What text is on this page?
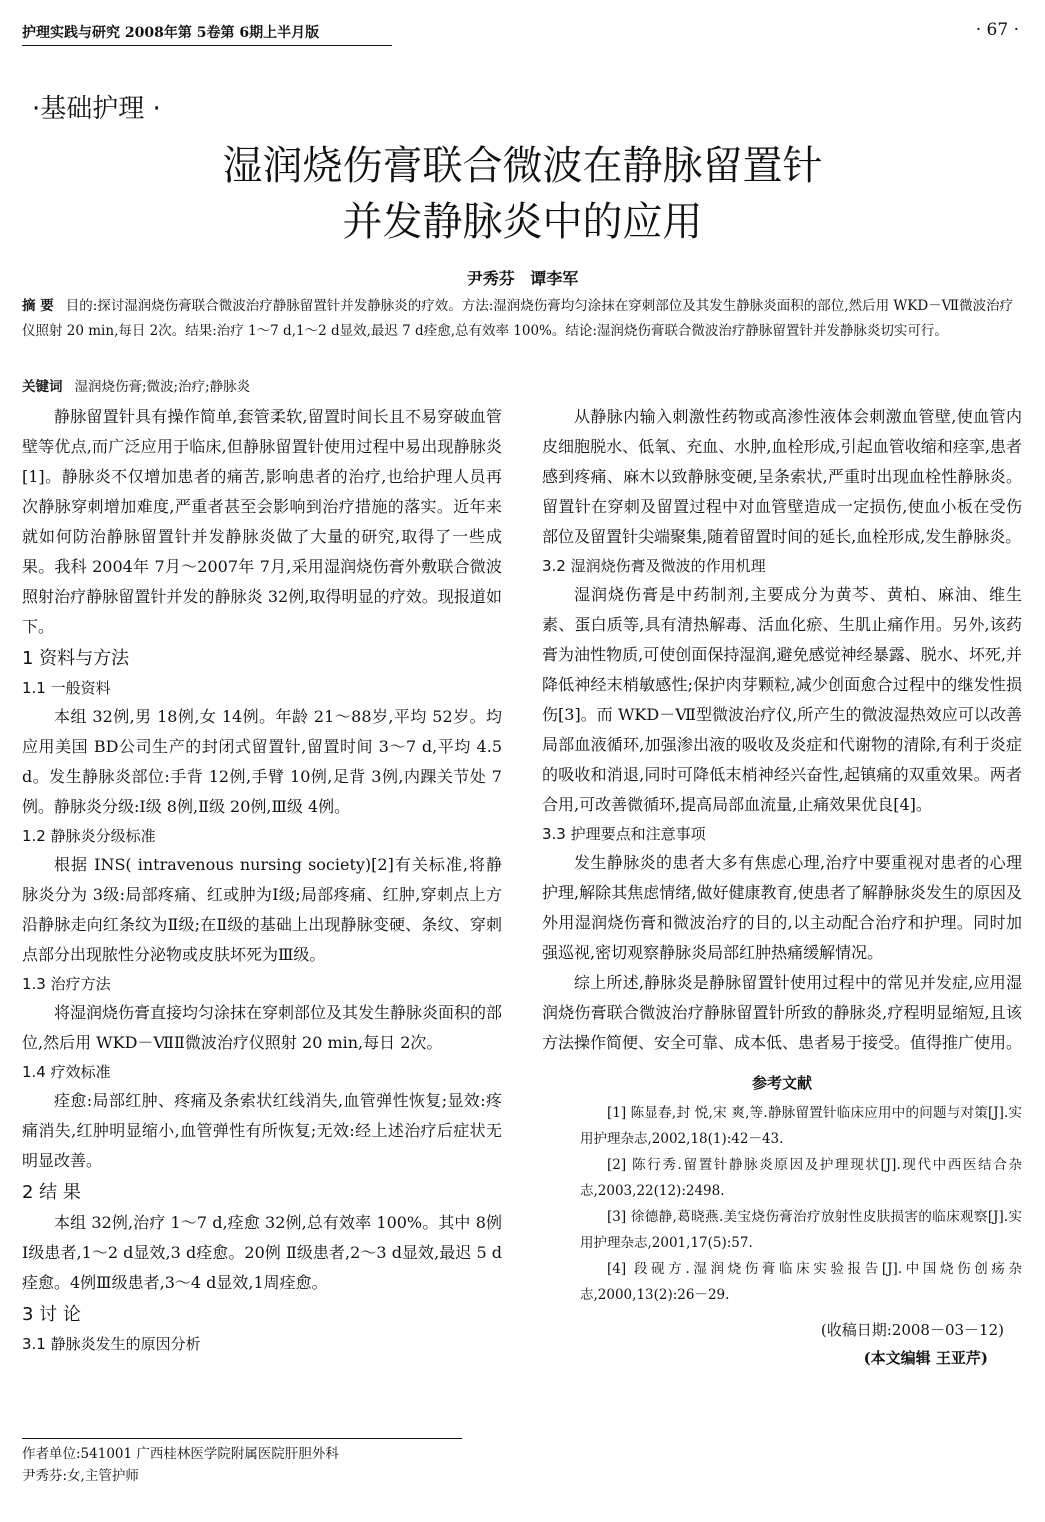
护理实践与研究 2008年第 5卷第 6期上半月版	· 67 ·
·基础护理 ·
湿润烧伤膏联合微波在静脉留置针
并发静脉炎中的应用
尹秀芬 谭李军
摘 要 目的:探讨湿润烧伤膏联合微波治疗静脉留置针并发静脉炎的疗效。方法:湿润烧伤膏均匀涂抹在穿刺部位及其发生静脉炎面积的部位,然后用 WKD－Ⅶ微波治疗仪照射 20 min,每日 2次。结果:治疗 1～7 d,1～2 d显效,最迟 7 d痊愈,总有效率 100%。结论:湿润烧伤膏联合微波治疗静脉留置针并发静脉炎切实可行。
关键词 湿润烧伤膏;微波;治疗;静脉炎

静脉留置针具有操作简单,套管柔软,留置时间长且不易穿破血管壁等优点,而广泛应用于临床,但静脉留置针使用过程中易出现静脉炎[1]。静脉炎不仅增加患者的痛苦,影响患者的治疗,也给护理人员再次静脉穿刺增加难度,严重者甚至会影响到治疗措施的落实。近年来就如何防治静脉留置针并发静脉炎做了大量的研究,取得了一些成果。我科 2004年 7月～2007年 7月,采用湿润烧伤膏外敷联合微波照射治疗静脉留置针并发的静脉炎 32例,取得明显的疗效。现报道如下。

1 资料与方法

1.1 一般资料

本组 32例,男 18例,女 14例。年龄 21～88岁,平均 52岁。均应用美国 BD公司生产的封闭式留置针,留置时间 3～7 d,平均 4.5 d。发生静脉炎部位:手背 12例,手臂 10例,足背 3例,内踝关节处 7例。静脉炎分级:Ⅰ级 8例,Ⅱ级 20例,Ⅲ级 4例。

1.2 静脉炎分级标准

根据 INS( intravenous nursing society)[2]有关标准,将静脉炎分为 3级:局部疼痛、红或肿为Ⅰ级;局部疼痛、红肿,穿刺点上方沿静脉走向红条纹为Ⅱ级;在Ⅱ级的基础上出现静脉变硬、条纹、穿刺点部分出现脓性分泌物或皮肤坏死为Ⅲ级。

1.3 治疗方法

将湿润烧伤膏直接均匀涂抹在穿刺部位及其发生静脉炎面积的部位,然后用 WKD－ⅦⅡ微波治疗仪照射 20 min,每日 2次。

1.4 疗效标准

痊愈:局部红肿、疼痛及条索状红线消失,血管弹性恢复;显效:疼痛消失,红肿明显缩小,血管弹性有所恢复;无效:经上述治疗后症状无明显改善。

2 结 果

本组 32例,治疗 1～7 d,痊愈 32例,总有效率 100%。其中 8例Ⅰ级患者,1～2 d显效,3 d痊愈。20例 Ⅱ级患者,2～3 d显效,最迟 5 d痊愈。4例Ⅲ级患者,3～4 d显效,1周痊愈。

3 讨 论

3.1 静脉炎发生的原因分析

从静脉内输入刺激性药物或高渗性液体会刺激血管壁,使血管内皮细胞脱水、低氧、充血、水肿,血栓形成,引起血管收缩和痉挛,患者感到疼痛、麻木以致静脉变硬,呈条索状,严重时出现血栓性静脉炎。留置针在穿刺及留置过程中对血管壁造成一定损伤,使血小板在受伤部位及留置针尖端聚集,随着留置时间的延长,血栓形成,发生静脉炎。

3.2 湿润烧伤膏及微波的作用机理

湿润烧伤膏是中药制剂,主要成分为黄芩、黄柏、麻油、维生素、蛋白质等,具有清热解毒、活血化瘀、生肌止痛作用。另外,该药膏为油性物质,可使创面保持湿润,避免感觉神经暴露、脱水、坏死,并降低神经末梢敏感性;保护肉芽颗粒,减少创面愈合过程中的继发性损伤[3]。而 WKD－Ⅶ型微波治疗仪,所产生的微波湿热效应可以改善局部血液循环,加强渗出液的吸收及炎症和代谢物的清除,有利于炎症的吸收和消退,同时可降低末梢神经兴奋性,起镇痛的双重效果。两者合用,可改善微循环,提高局部血流量,止痛效果优良[4]。

3.3 护理要点和注意事项

发生静脉炎的患者大多有焦虑心理,治疗中要重视对患者的心理护理,解除其焦虑情绪,做好健康教育,使患者了解静脉炎发生的原因及外用湿润烧伤膏和微波治疗的目的,以主动配合治疗和护理。同时加强巡视,密切观察静脉炎局部红肿热痛缓解情况。

综上所述,静脉炎是静脉留置针使用过程中的常见并发症,应用湿润烧伤膏联合微波治疗静脉留置针所致的静脉炎,疗程明显缩短,且该方法操作简便、安全可靠、成本低、患者易于接受。值得推广使用。

参考文献

[1] 陈显春,封 悦,宋 爽,等.静脉留置针临床应用中的问题与对策[J].实用护理杂志,2002,18(1):42－43.

[2] 陈行秀.留置针静脉炎原因及护理现状[J].现代中西医结合杂志,2003,22(12):2498.

[3] 徐德静,葛晓燕.美宝烧伤膏治疗放射性皮肤损害的临床观察[J].实用护理杂志,2001,17(5):57.

[4] 段砚方.湿润烧伤膏临床实验报告[J].中国烧伤创疡杂志,2000,13(2):26－29.

(收稿日期:2008－03－12)
(本文编辑 王亚芹)
作者单位:541001 广西桂林医学院附属医院肝胆外科
尹秀芬:女,主管护师
